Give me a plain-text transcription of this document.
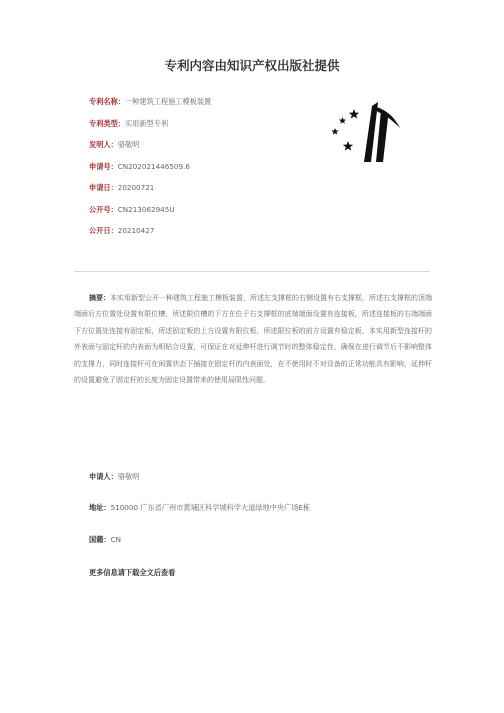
专利内容由知识产权出版社提供
专利名称：一种建筑工程施工模板装置
专利类型：实用新型专利
发明人：骆敬明
申请号：CN202021446509.6
申请日：20200721
公开号：CN213062945U
公开日：20210427
摘要：本实用新型公开一种建筑工程施工模板装置，所述左支撑框的右侧设置有右支撑框，所述右支撑框的顶端端面后方位置处设置有限位槽，所述限位槽的下方在位于右支撑框的底端端面设置有连接板，所述连接板的右端端面下方位置处连接有固定板，所述固定板的上方设置有限位板，所述限位板的前方设置有稳定板，本实用新型连接杆的外表面与固定杆的内表面为相贴合设置，可保证在对延伸杆进行调节时的整体稳定性，确保在进行调节后不影响整体的支撑力，同时连接杆可在闲置状态下插接在固定杆的内表面处，在不使用时不对设备的正常功能具有影响，延伸杆的设置避免了固定杆的长度为固定设置带来的使用局限性问题。
申请人：骆敬明
地址：510000 广东省广州市黄埔区科学城科学大道绿地中央广场E栋
国籍：CN
更多信息请下载全文后查看
